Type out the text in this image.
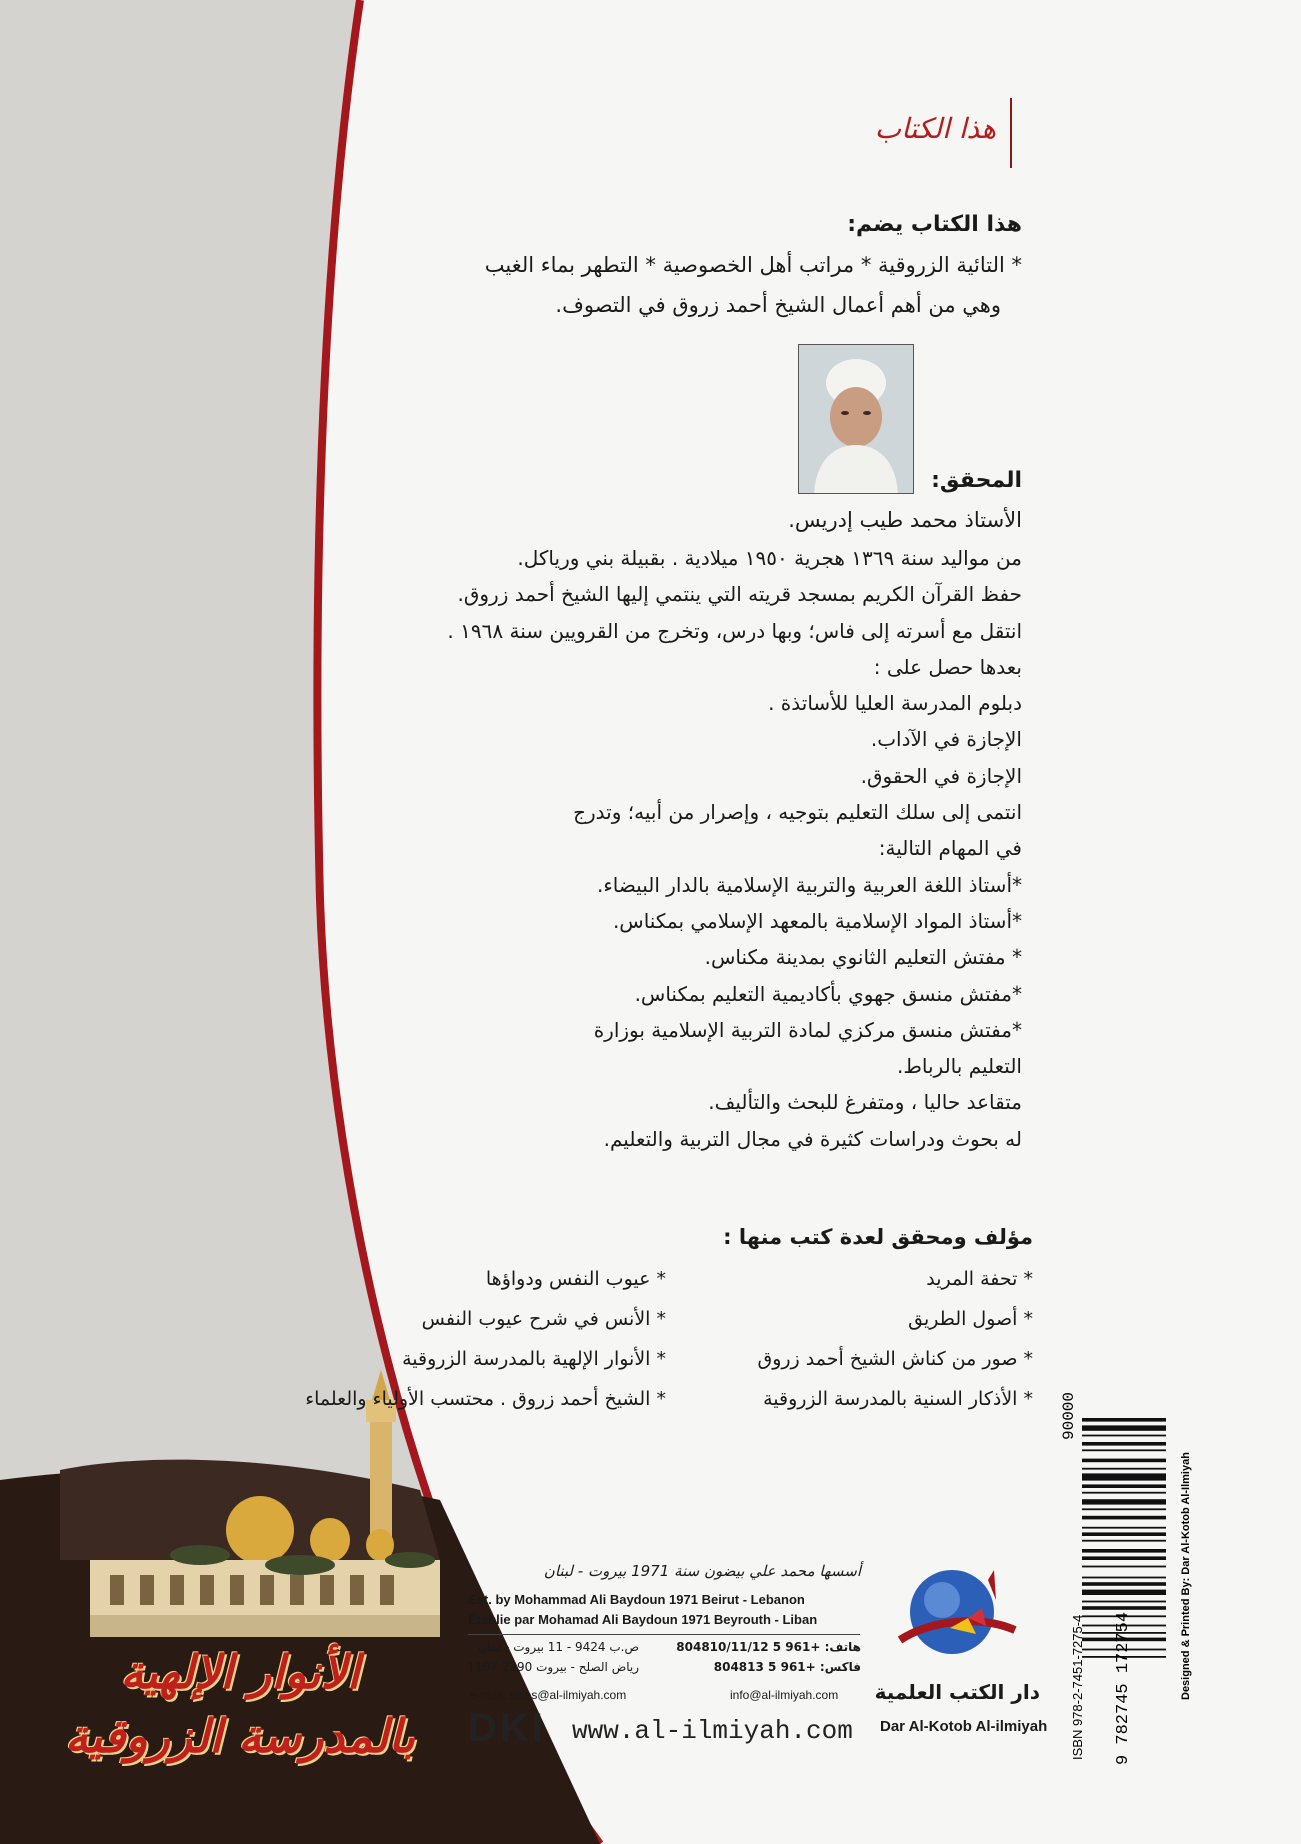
هذا الكتاب
هذا الكتاب يضم:
* التائية الزروقية * مراتب أهل الخصوصية * التطهر بماء الغيب
وهي من أهم أعمال الشيخ أحمد زروق في التصوف.
المحقق:
الأستاذ محمد طيب إدريس.
من مواليد سنة ١٣٦٩ هجرية ١٩٥٠ ميلادية . بقبيلة بني ورياكل.
حفظ القرآن الكريم بمسجد قريته التي ينتمي إليها الشيخ أحمد زروق.
انتقل مع أسرته إلى فاس؛ وبها درس، وتخرج من القرويين سنة ١٩٦٨ .
بعدها حصل على :
دبلوم المدرسة العليا للأساتذة .
الإجازة في الآداب.
الإجازة في الحقوق.
انتمى إلى سلك التعليم بتوجيه ، وإصرار من أبيه؛ وتدرج
في المهام التالية:
*أستاذ اللغة العربية والتربية الإسلامية بالدار البيضاء.
*أستاذ المواد الإسلامية بالمعهد الإسلامي بمكناس.
* مفتش التعليم الثانوي بمدينة مكناس.
*مفتش منسق جهوي بأكاديمية التعليم بمكناس.
*مفتش منسق مركزي لمادة التربية الإسلامية بوزارة
التعليم بالرباط.
متقاعد حاليا ، ومتفرغ للبحث والتأليف.
له بحوث ودراسات كثيرة في مجال التربية والتعليم.
مؤلف ومحقق لعدة كتب منها :
* تحفة المريد
* أصول الطريق
* صور من كناش الشيخ أحمد زروق
* الأذكار السنية بالمدرسة الزروقية
* عيوب النفس ودواؤها
* الأنس في شرح عيوب النفس
* الأنوار الإلهية بالمدرسة الزروقية
* الشيخ أحمد زروق . محتسب الأولياء والعلماء
الأنوار الإلهية
بالمدرسة الزروقية
أسسها محمد علي بيضون سنة 1971 بيروت - لبنان
Est. by Mohammad Ali Baydoun 1971 Beirut - Lebanon
Établie par Mohamad Ali Baydoun 1971 Beyrouth - Liban
ص.ب 9424 - 11 بيروت - لبنان
رياض الصلح - بيروت 2290 1107
هاتف: +961 5 804810/11/12
فاكس: +961 5 804813
e-mail: sales@al-ilmiyah.com	info@al-ilmiyah.com
DKI www.al-ilmiyah.com
دار الكتب العلمية
Dar Al-Kotob Al-ilmiyah
90000
9 782745 172754
ISBN 978-2-7451-7275-4	Designed & Printed By: Dar Al-Kotob Al-Ilmiyah
